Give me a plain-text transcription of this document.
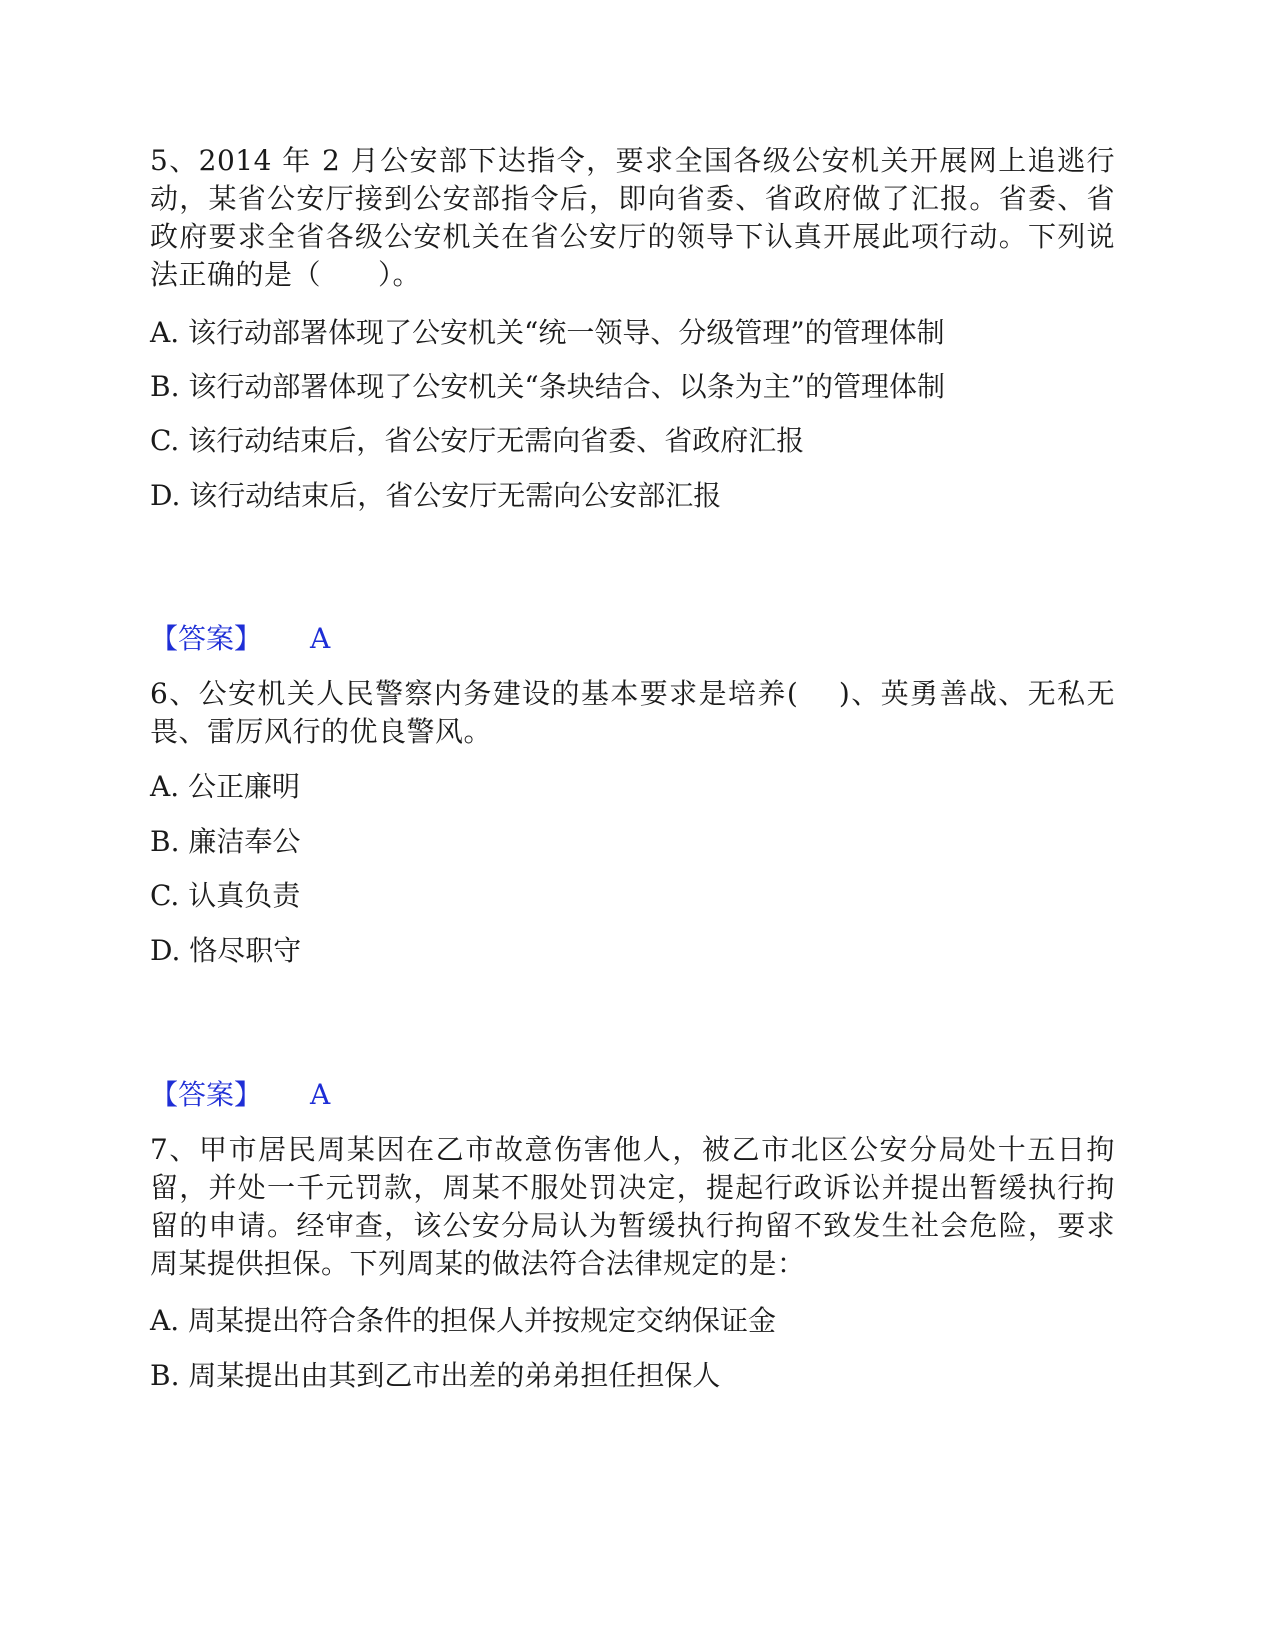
5、2014 年 2 月公安部下达指令，要求全国各级公安机关开展网上追逃行动，某省公安厅接到公安部指令后，即向省委、省政府做了汇报。省委、省政府要求全省各级公安机关在省公安厅的领导下认真开展此项行动。下列说法正确的是（　　）。

A. 该行动部署体现了公安机关“统一领导、分级管理”的管理体制

B. 该行动部署体现了公安机关“条块结合、以条为主”的管理体制

C. 该行动结束后，省公安厅无需向省委、省政府汇报

D. 该行动结束后，省公安厅无需向公安部汇报

【答案】 A

6、公安机关人民警察内务建设的基本要求是培养(　 )、英勇善战、无私无畏、雷厉风行的优良警风。

A. 公正廉明

B. 廉洁奉公

C. 认真负责

D. 恪尽职守

【答案】 A

7、甲市居民周某因在乙市故意伤害他人，被乙市北区公安分局处十五日拘留，并处一千元罚款，周某不服处罚决定，提起行政诉讼并提出暂缓执行拘留的申请。经审查，该公安分局认为暂缓执行拘留不致发生社会危险，要求周某提供担保。下列周某的做法符合法律规定的是：

A. 周某提出符合条件的担保人并按规定交纳保证金

B. 周某提出由其到乙市出差的弟弟担任担保人
